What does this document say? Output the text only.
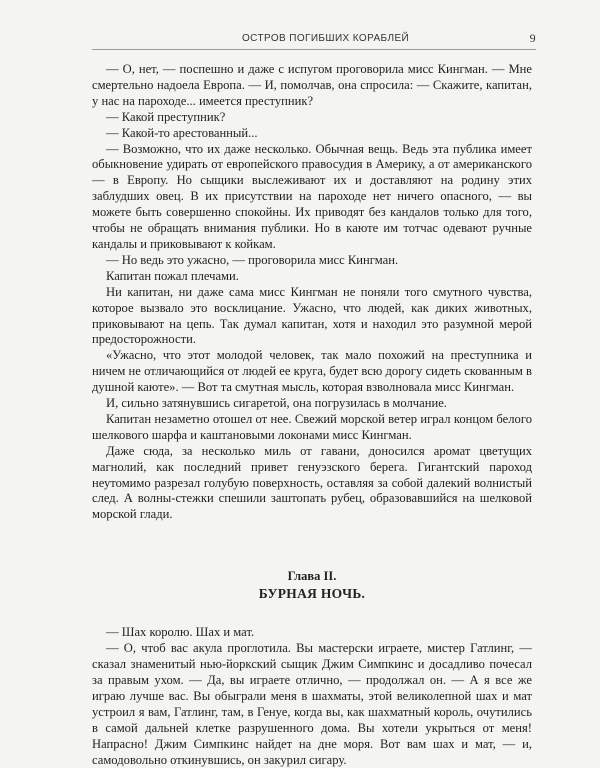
ОСТРОВ ПОГИБШИХ КОРАБЛЕЙ	9

— О, нет, — поспешно и даже с испугом проговорила мисс Кингман. — Мне смертельно надоела Европа. — И, помолчав, она спросила: — Скажите, капитан, у нас на пароходе... имеется преступник?

— Какой преступник?

— Какой-то арестованный...

— Возможно, что их даже несколько. Обычная вещь. Ведь эта публика имеет обыкновение удирать от европейского правосудия в Америку, а от американского — в Европу. Но сыщики выслеживают их и доставляют на родину этих заблудших овец. В их присутствии на пароходе нет ничего опасного, — вы можете быть совершенно спокойны. Их приводят без кандалов только для того, чтобы не обращать внимания публики. Но в каюте им тотчас одевают ручные кандалы и приковывают к койкам.

— Но ведь это ужасно, — проговорила мисс Кингман.

Капитан пожал плечами.

Ни капитан, ни даже сама мисс Кингман не поняли того смутного чувства, которое вызвало это восклицание. Ужасно, что людей, как диких животных, приковывают на цепь. Так думал капитан, хотя и находил это разумной мерой предосторожности.

«Ужасно, что этот молодой человек, так мало похожий на преступника и ничем не отличающийся от людей ее круга, будет всю дорогу сидеть скованным в душной каюте». — Вот та смутная мысль, которая взволновала мисс Кингман.

И, сильно затянувшись сигаретой, она погрузилась в молчание.

Капитан незаметно отошел от нее. Свежий морской ветер играл концом белого шелкового шарфа и каштановыми локонами мисс Кингман.

Даже сюда, за несколько миль от гавани, доносился аромат цветущих магнолий, как последний привет генуэзского берега. Гигантский пароход неутомимо разрезал голубую поверхность, оставляя за собой далекий волнистый след. А волны-стежки спешили заштопать рубец, образовавшийся на шелковой морской глади.

Глава II.
БУРНАЯ НОЧЬ.

— Шах королю. Шах и мат.

— О, чтоб вас акула проглотила. Вы мастерски играете, мистер Гатлинг, — сказал знаменитый нью-йоркский сыщик Джим Симпкинс и досадливо почесал за правым ухом. — Да, вы играете отлично, — продолжал он. — А я все же играю лучше вас. Вы обыграли меня в шахматы, этой великолепной шах и мат устроил я вам, Гатлинг, там, в Генуе, когда вы, как шахматный король, очутились в самой дальней клетке разрушенного дома. Вы хотели укрыться от меня! Напрасно! Джим Симпкинс найдет на дне моря. Вот вам шах и мат, — и, самодовольно откинувшись, он закурил сигару.
